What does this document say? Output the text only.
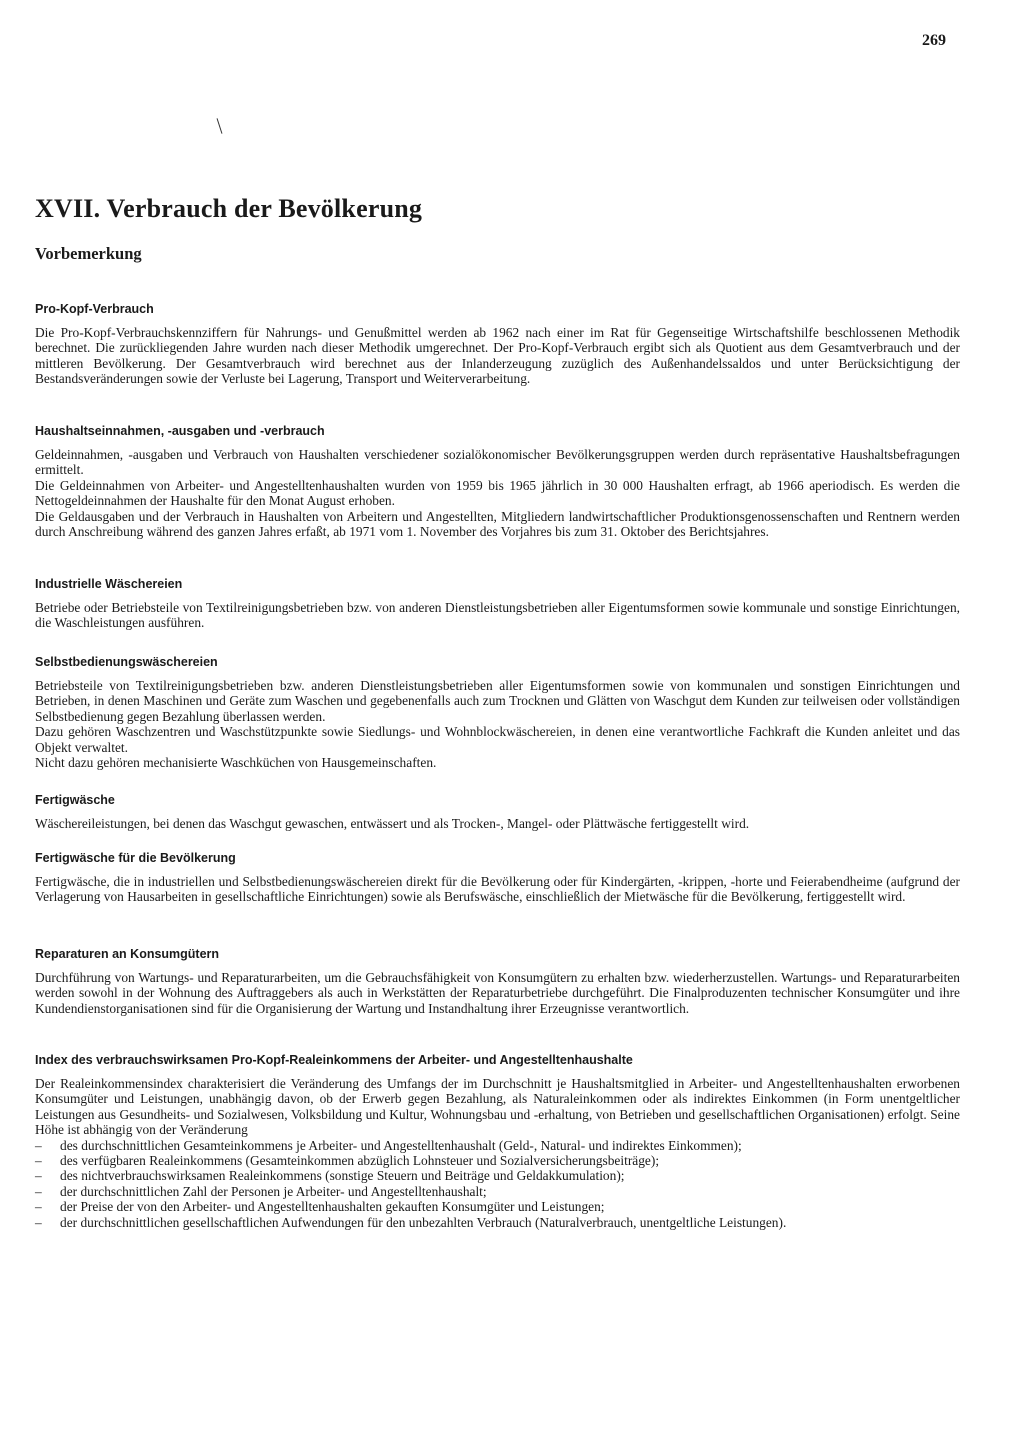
269
XVII. Verbrauch der Bevölkerung
Vorbemerkung
Pro-Kopf-Verbrauch

Die Pro-Kopf-Verbrauchskennziffern für Nahrungs- und Genußmittel werden ab 1962 nach einer im Rat für Gegenseitige Wirtschaftshilfe beschlossenen Methodik berechnet. Die zurückliegenden Jahre wurden nach dieser Methodik umgerechnet. Der Pro-Kopf-Verbrauch ergibt sich als Quotient aus dem Gesamtverbrauch und der mittleren Bevölkerung. Der Gesamtverbrauch wird berechnet aus der Inlanderzeugung zuzüglich des Außenhandelssaldos und unter Berücksichtigung der Bestandsveränderungen sowie der Verluste bei Lagerung, Transport und Weiterverarbeitung.

Haushaltseinnahmen, -ausgaben und -verbrauch

Geldeinnahmen, -ausgaben und Verbrauch von Haushalten verschiedener sozialökonomischer Bevölkerungsgruppen werden durch repräsentative Haushaltsbefragungen ermittelt.

Die Geldeinnahmen von Arbeiter- und Angestelltenhaushalten wurden von 1959 bis 1965 jährlich in 30 000 Haushalten erfragt, ab 1966 aperiodisch. Es werden die Nettogeldeinnahmen der Haushalte für den Monat August erhoben.

Die Geldausgaben und der Verbrauch in Haushalten von Arbeitern und Angestellten, Mitgliedern landwirtschaftlicher Produktionsgenossenschaften und Rentnern werden durch Anschreibung während des ganzen Jahres erfaßt, ab 1971 vom 1. November des Vorjahres bis zum 31. Oktober des Berichtsjahres.

Industrielle Wäschereien

Betriebe oder Betriebsteile von Textilreinigungsbetrieben bzw. von anderen Dienstleistungsbetrieben aller Eigentumsformen sowie kommunale und sonstige Einrichtungen, die Waschleistungen ausführen.

Selbstbedienungswäschereien

Betriebsteile von Textilreinigungsbetrieben bzw. anderen Dienstleistungsbetrieben aller Eigentumsformen sowie von kommunalen und sonstigen Einrichtungen und Betrieben, in denen Maschinen und Geräte zum Waschen und gegebenenfalls auch zum Trocknen und Glätten von Waschgut dem Kunden zur teilweisen oder vollständigen Selbstbedienung gegen Bezahlung überlassen werden.

Dazu gehören Waschzentren und Waschstützpunkte sowie Siedlungs- und Wohnblockwäschereien, in denen eine verantwortliche Fachkraft die Kunden anleitet und das Objekt verwaltet.

Nicht dazu gehören mechanisierte Waschküchen von Hausgemeinschaften.

Fertigwäsche

Wäschereileistungen, bei denen das Waschgut gewaschen, entwässert und als Trocken-, Mangel- oder Plättwäsche fertiggestellt wird.

Fertigwäsche für die Bevölkerung

Fertigwäsche, die in industriellen und Selbstbedienungswäschereien direkt für die Bevölkerung oder für Kindergärten, -krippen, -horte und Feierabendheime (aufgrund der Verlagerung von Hausarbeiten in gesellschaftliche Einrichtungen) sowie als Berufswäsche, einschließlich der Mietwäsche für die Bevölkerung, fertiggestellt wird.

Reparaturen an Konsumgütern

Durchführung von Wartungs- und Reparaturarbeiten, um die Gebrauchsfähigkeit von Konsumgütern zu erhalten bzw. wiederherzustellen. Wartungs- und Reparaturarbeiten werden sowohl in der Wohnung des Auftraggebers als auch in Werkstätten der Reparaturbetriebe durchgeführt. Die Finalproduzenten technischer Konsumgüter und ihre Kundendienstorganisationen sind für die Organisierung der Wartung und Instandhaltung ihrer Erzeugnisse verantwortlich.

Index des verbrauchswirksamen Pro-Kopf-Realeinkommens der Arbeiter- und Angestelltenhaushalte

Der Realeinkommensindex charakterisiert die Veränderung des Umfangs der im Durchschnitt je Haushaltsmitglied in Arbeiter- und Angestelltenhaushalten erworbenen Konsumgüter und Leistungen, unabhängig davon, ob der Erwerb gegen Bezahlung, als Naturaleinkommen oder als indirektes Einkommen (in Form unentgeltlicher Leistungen aus Gesundheits- und Sozialwesen, Volksbildung und Kultur, Wohnungsbau und -erhaltung, von Betrieben und gesellschaftlichen Organisationen) erfolgt. Seine Höhe ist abhängig von der Veränderung

– des durchschnittlichen Gesamteinkommens je Arbeiter- und Angestelltenhaushalt (Geld-, Natural- und indirektes Einkommen);
– des verfügbaren Realeinkommens (Gesamteinkommen abzüglich Lohnsteuer und Sozialversicherungsbeiträge);
– des nichtverbrauchswirksamen Realeinkommens (sonstige Steuern und Beiträge und Geldakkumulation);
– der durchschnittlichen Zahl der Personen je Arbeiter- und Angestelltenhaushalt;
– der Preise der von den Arbeiter- und Angestelltenhaushalten gekauften Konsumgüter und Leistungen;
– der durchschnittlichen gesellschaftlichen Aufwendungen für den unbezahlten Verbrauch (Naturalverbrauch, unentgeltliche Leistungen).
